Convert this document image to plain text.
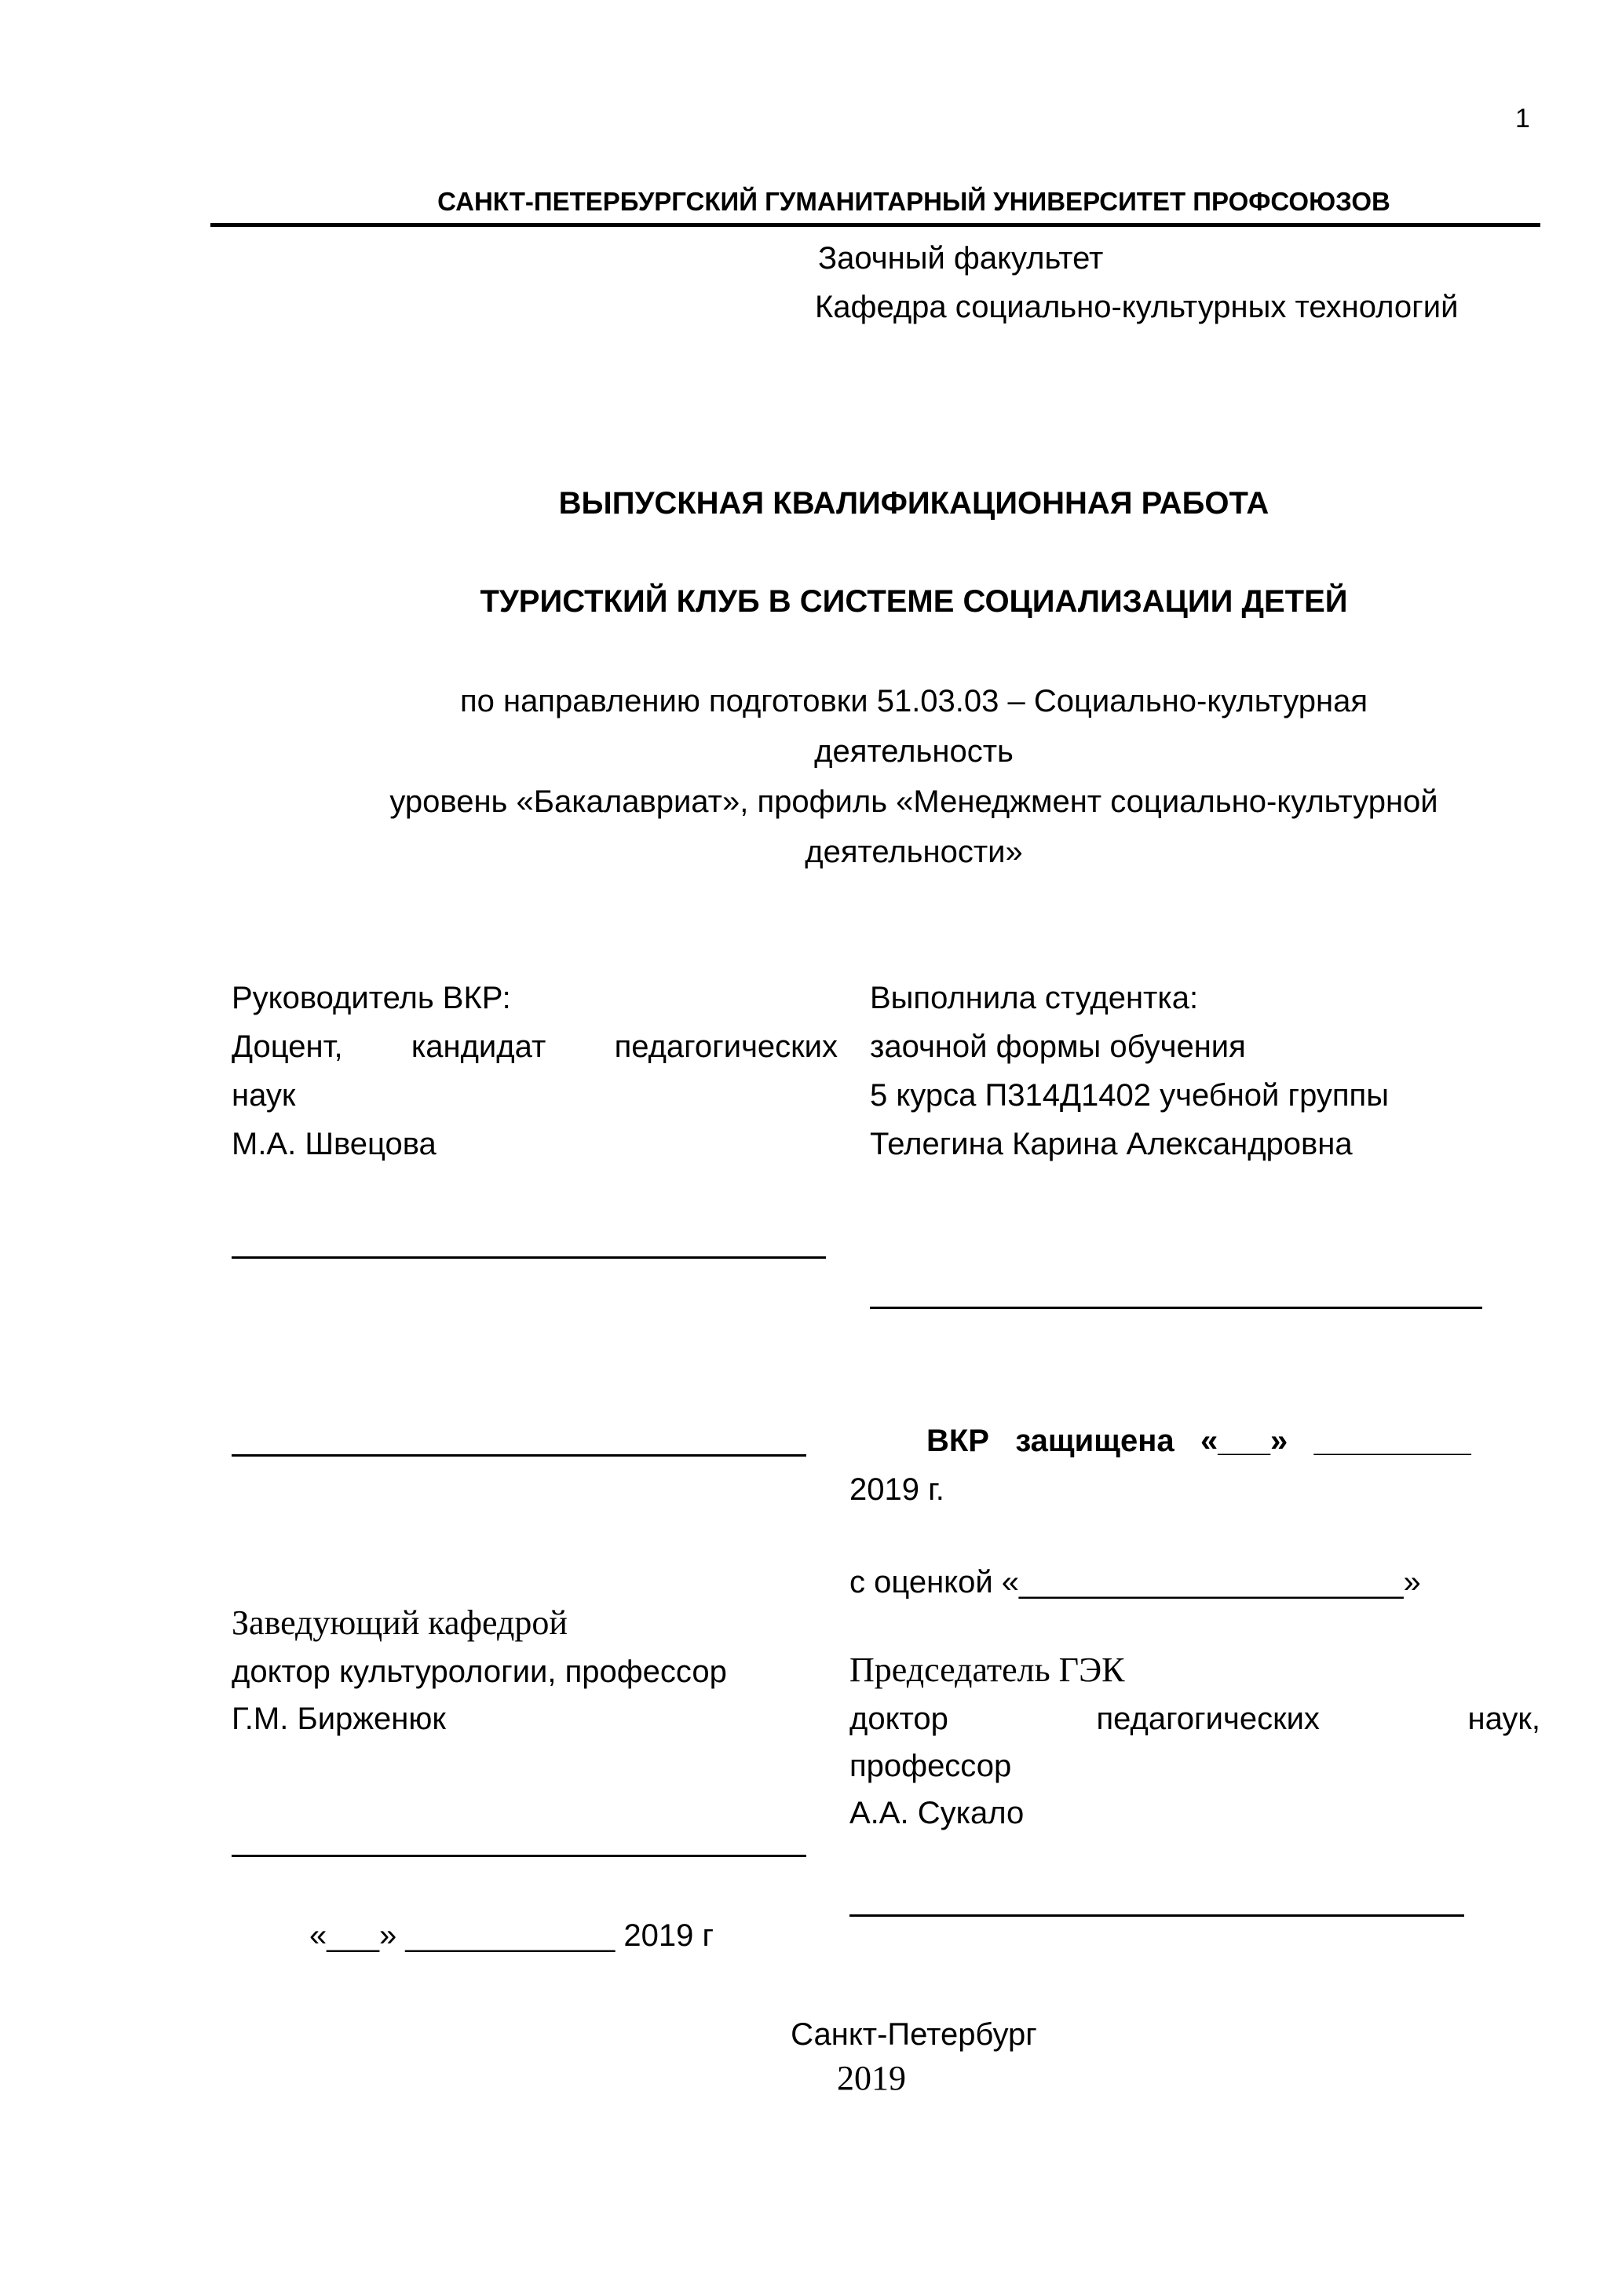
1
САНКТ-ПЕТЕРБУРГСКИЙ ГУМАНИТАРНЫЙ УНИВЕРСИТЕТ ПРОФСОЮЗОВ
Заочный факультет
Кафедра социально-культурных технологий
ВЫПУСКНАЯ КВАЛИФИКАЦИОННАЯ РАБОТА
ТУРИСТКИЙ КЛУБ В СИСТЕМЕ СОЦИАЛИЗАЦИИ ДЕТЕЙ
по направлению подготовки 51.03.03 – Социально-культурная
деятельность
уровень «Бакалавриат», профиль «Менеджмент социально-культурной
деятельности»
Руководитель ВКР:
Доцент, кандидат педагогических
наук
М.А. Швецова
Выполнила студентка:
заочной формы обучения
5 курса П314Д1402 учебной группы
Телегина Карина Александровна
ВКР   защищена   «___»   _________
2019 г.
с оценкой «______________________»
Заведующий кафедрой
доктор культурологии, профессор
Г.М. Бирженюк
«___» ____________ 2019 г
Председатель ГЭК
доктор педагогических наук,
профессор
А.А. Сукало
Санкт-Петербург
2019
